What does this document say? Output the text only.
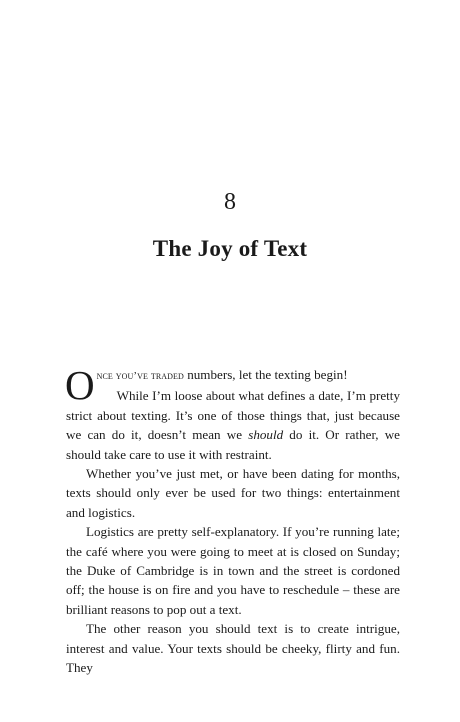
8
The Joy of Text

Once you’ve traded numbers, let the texting begin!

While I’m loose about what defines a date, I’m pretty strict about texting. It’s one of those things that, just because we can do it, doesn’t mean we should do it. Or rather, we should take care to use it with restraint.

Whether you’ve just met, or have been dating for months, texts should only ever be used for two things: entertainment and logistics.

Logistics are pretty self-explanatory. If you’re running late; the café where you were going to meet at is closed on Sunday; the Duke of Cambridge is in town and the street is cordoned off; the house is on fire and you have to reschedule – these are brilliant reasons to pop out a text.

The other reason you should text is to create intrigue, interest and value. Your texts should be cheeky, flirty and fun. They
